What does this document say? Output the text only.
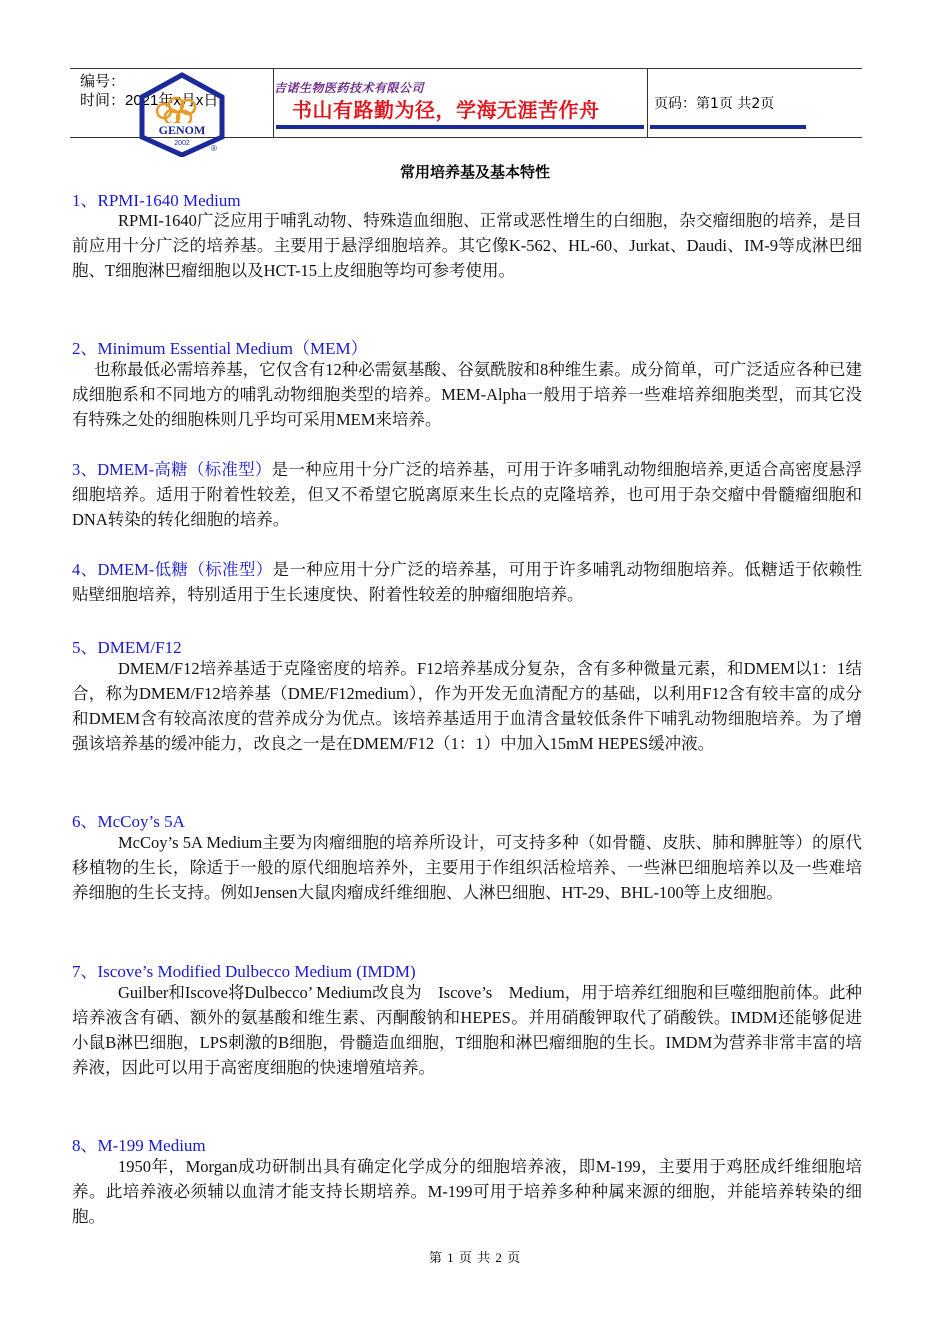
编号：
时间：2021年x月x日
GENOM
2002
®
吉诺生物医药技术有限公司
书山有路勤为径，学海无涯苦作舟	页码：第1页 共2页
常用培养基及基本特性
1、RPMI-1640 Medium
RPMI-1640广泛应用于哺乳动物、特殊造血细胞、正常或恶性增生的白细胞，杂交瘤细胞的培养，是目前应用十分广泛的培养基。主要用于悬浮细胞培养。其它像K-562、HL-60、Jurkat、Daudi、IM-9等成淋巴细胞、T细胞淋巴瘤细胞以及HCT-15上皮细胞等均可参考使用。
2、Minimum Essential Medium（MEM）
也称最低必需培养基，它仅含有12种必需氨基酸、谷氨酰胺和8种维生素。成分简单，可广泛适应各种已建成细胞系和不同地方的哺乳动物细胞类型的培养。MEM-Alpha一般用于培养一些难培养细胞类型，而其它没有特殊之处的细胞株则几乎均可采用MEM来培养。
3、DMEM-高糖（标准型）是一种应用十分广泛的培养基，可用于许多哺乳动物细胞培养,更适合高密度悬浮细胞培养。适用于附着性较差，但又不希望它脱离原来生长点的克隆培养，也可用于杂交瘤中骨髓瘤细胞和DNA转染的转化细胞的培养。
4、DMEM-低糖（标准型）是一种应用十分广泛的培养基，可用于许多哺乳动物细胞培养。低糖适于依赖性贴壁细胞培养，特别适用于生长速度快、附着性较差的肿瘤细胞培养。
5、DMEM/F12
DMEM/F12培养基适于克隆密度的培养。F12培养基成分复杂，含有多种微量元素，和DMEM以1：1结合，称为DMEM/F12培养基（DME/F12medium），作为开发无血清配方的基础，以利用F12含有较丰富的成分和DMEM含有较高浓度的营养成分为优点。该培养基适用于血清含量较低条件下哺乳动物细胞培养。为了增强该培养基的缓冲能力，改良之一是在DMEM/F12（1：1）中加入15mM HEPES缓冲液。
6、McCoy’s 5A
McCoy’s 5A Medium主要为肉瘤细胞的培养所设计，可支持多种（如骨髓、皮肤、肺和脾脏等）的原代移植物的生长，除适于一般的原代细胞培养外，主要用于作组织活检培养、一些淋巴细胞培养以及一些难培养细胞的生长支持。例如Jensen大鼠肉瘤成纤维细胞、人淋巴细胞、HT-29、BHL-100等上皮细胞。
7、Iscove’s Modified Dulbecco Medium (IMDM)
Guilber和Iscove将Dulbecco’ Medium改良为　Iscove’s　Medium，用于培养红细胞和巨噬细胞前体。此种培养液含有硒、额外的氨基酸和维生素、丙酮酸钠和HEPES。并用硝酸钾取代了硝酸铁。IMDM还能够促进小鼠B淋巴细胞，LPS刺激的B细胞，骨髓造血细胞，T细胞和淋巴瘤细胞的生长。IMDM为营养非常丰富的培养液，因此可以用于高密度细胞的快速增殖培养。
8、M-199 Medium
1950年，Morgan成功研制出具有确定化学成分的细胞培养液，即M-199，主要用于鸡胚成纤维细胞培养。此培养液必须辅以血清才能支持长期培养。M-199可用于培养多种种属来源的细胞，并能培养转染的细胞。
第 1 页 共 2 页
